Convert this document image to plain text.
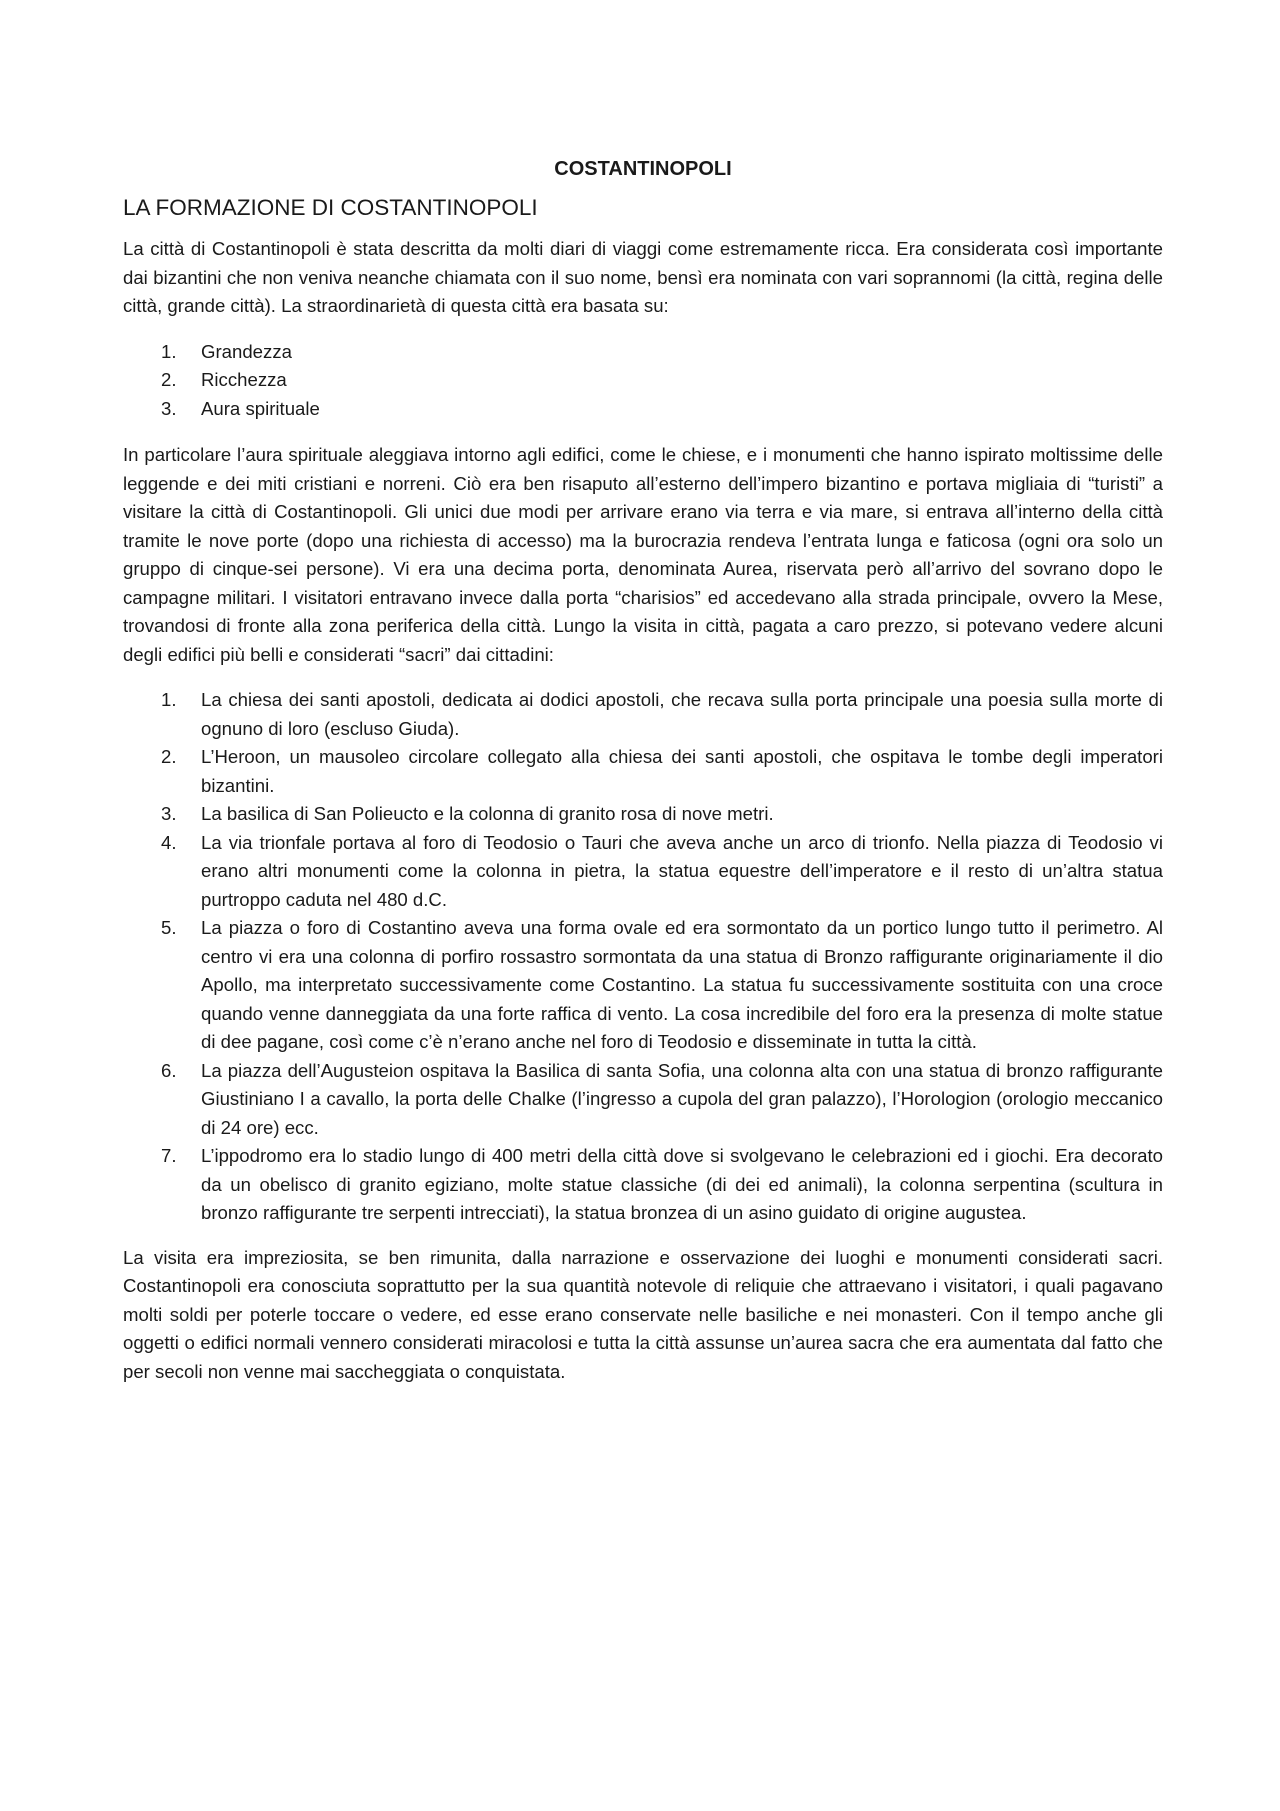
COSTANTINOPOLI
LA FORMAZIONE DI COSTANTINOPOLI

La città di Costantinopoli è stata descritta da molti diari di viaggi come estremamente ricca. Era considerata così importante dai bizantini che non veniva neanche chiamata con il suo nome, bensì era nominata con vari soprannomi (la città, regina delle città, grande città). La straordinarietà di questa città era basata su:

1. Grandezza
2. Ricchezza
3. Aura spirituale

In particolare l’aura spirituale aleggiava intorno agli edifici, come le chiese, e i monumenti che hanno ispirato moltissime delle leggende e dei miti cristiani e norreni. Ciò era ben risaputo all’esterno dell’impero bizantino e portava migliaia di “turisti” a visitare la città di Costantinopoli. Gli unici due modi per arrivare erano via terra e via mare, si entrava all’interno della città tramite le nove porte (dopo una richiesta di accesso) ma la burocrazia rendeva l’entrata lunga e faticosa (ogni ora solo un gruppo di cinque-sei persone). Vi era una decima porta, denominata Aurea, riservata però all’arrivo del sovrano dopo le campagne militari. I visitatori entravano invece dalla porta “charisios” ed accedevano alla strada principale, ovvero la Mese, trovandosi di fronte alla zona periferica della città. Lungo la visita in città, pagata a caro prezzo, si potevano vedere alcuni degli edifici più belli e considerati “sacri” dai cittadini:

1. La chiesa dei santi apostoli, dedicata ai dodici apostoli, che recava sulla porta principale una poesia sulla morte di ognuno di loro (escluso Giuda).
2. L’Heroon, un mausoleo circolare collegato alla chiesa dei santi apostoli, che ospitava le tombe degli imperatori bizantini.
3. La basilica di San Polieucto e la colonna di granito rosa di nove metri.
4. La via trionfale portava al foro di Teodosio o Tauri che aveva anche un arco di trionfo. Nella piazza di Teodosio vi erano altri monumenti come la colonna in pietra, la statua equestre dell’imperatore e il resto di un’altra statua purtroppo caduta nel 480 d.C.
5. La piazza o foro di Costantino aveva una forma ovale ed era sormontato da un portico lungo tutto il perimetro. Al centro vi era una colonna di porfiro rossastro sormontata da una statua di Bronzo raffigurante originariamente il dio Apollo, ma interpretato successivamente come Costantino. La statua fu successivamente sostituita con una croce quando venne danneggiata da una forte raffica di vento. La cosa incredibile del foro era la presenza di molte statue di dee pagane, così come c’è n’erano anche nel foro di Teodosio e disseminate in tutta la città.
6. La piazza dell’Augusteion ospitava la Basilica di santa Sofia, una colonna alta con una statua di bronzo raffigurante Giustiniano I a cavallo, la porta delle Chalke (l’ingresso a cupola del gran palazzo), l’Horologion (orologio meccanico di 24 ore) ecc.
7. L’ippodromo era lo stadio lungo di 400 metri della città dove si svolgevano le celebrazioni ed i giochi. Era decorato da un obelisco di granito egiziano, molte statue classiche (di dei ed animali), la colonna serpentina (scultura in bronzo raffigurante tre serpenti intrecciati), la statua bronzea di un asino guidato di origine augustea.

La visita era impreziosita, se ben rimunita, dalla narrazione e osservazione dei luoghi e monumenti considerati sacri. Costantinopoli era conosciuta soprattutto per la sua quantità notevole di reliquie che attraevano i visitatori, i quali pagavano molti soldi per poterle toccare o vedere, ed esse erano conservate nelle basiliche e nei monasteri. Con il tempo anche gli oggetti o edifici normali vennero considerati miracolosi e tutta la città assunse un’aurea sacra che era aumentata dal fatto che per secoli non venne mai saccheggiata o conquistata.
